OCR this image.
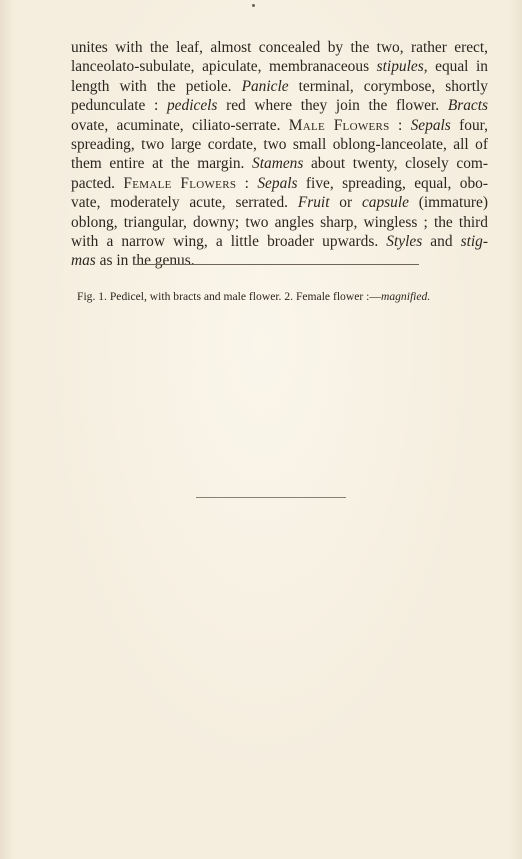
unites with the leaf, almost concealed by the two, rather erect,
lanceolato-subulate, apiculate, membranaceous stipules, equal in
length with the petiole. Panicle terminal, corymbose, shortly
pedunculate : pedicels red where they join the flower. Bracts
ovate, acuminate, ciliato-serrate. Male Flowers : Sepals four,
spreading, two large cordate, two small oblong-lanceolate, all of
them entire at the margin. Stamens about twenty, closely com-
pacted. Female Flowers : Sepals five, spreading, equal, obo-
vate, moderately acute, serrated. Fruit or capsule (immature)
oblong, triangular, downy; two angles sharp, wingless ; the third
with a narrow wing, a little broader upwards. Styles and stig-
mas as in the genus.

Fig. 1. Pedicel, with bracts and male flower. 2. Female flower :—magnified.
